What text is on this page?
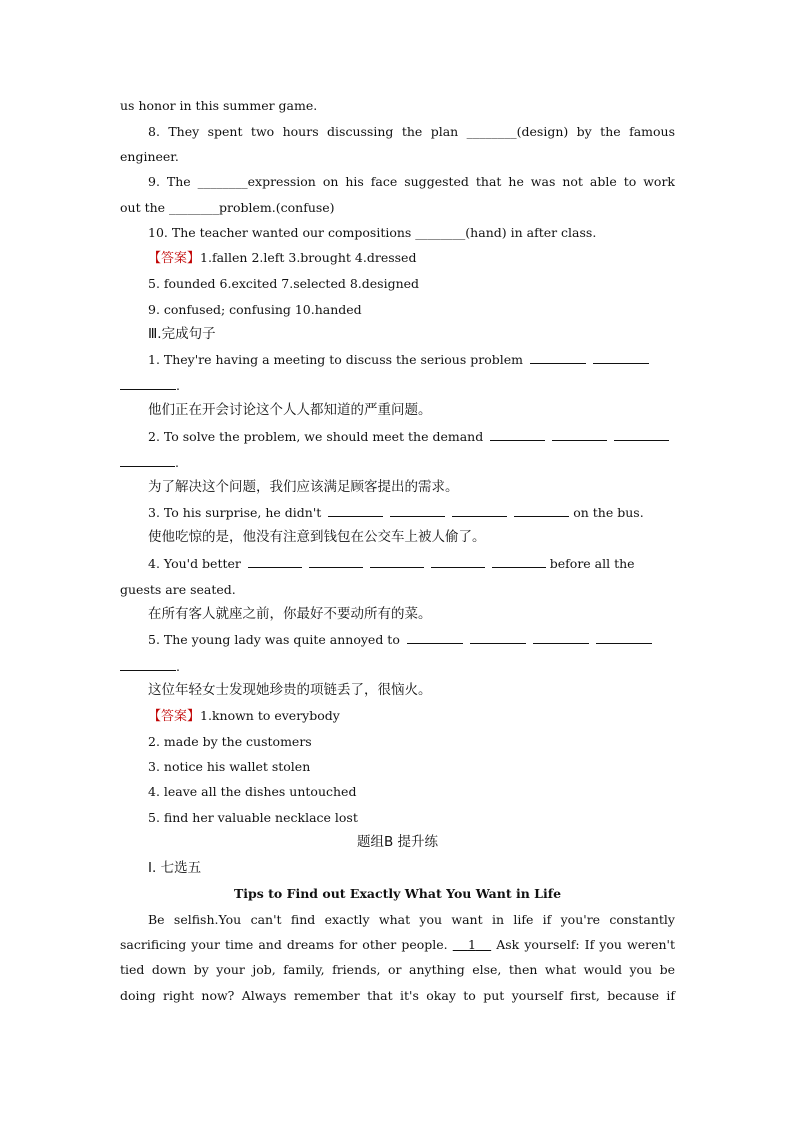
us honor in this summer game.
8. They spent two hours discussing the plan ________(design) by the famous
engineer.
9. The ________expression on his face suggested that he was not able to work
out the ________problem.(confuse)
10. The teacher wanted our compositions ________(hand) in after class.
【答案】1.fallen 2.left 3.brought 4.dressed
5. founded 6.excited 7.selected 8.designed
9. confused; confusing 10.handed
Ⅲ.完成句子
1. They're having a meeting to discuss the serious problem
.
他们正在开会讨论这个人人都知道的严重问题。
2. To solve the problem, we should meet the demand
.
为了解决这个问题，我们应该满足顾客提出的需求。
3. To his surprise, he didn't	on the bus.
使他吃惊的是，他没有注意到钱包在公交车上被人偷了。
4. You'd better	before all the
guests are seated.
在所有客人就座之前，你最好不要动所有的菜。
5. The young lady was quite annoyed to
.
这位年轻女士发现她珍贵的项链丢了，很恼火。
【答案】1.known to everybody
2. made by the customers
3. notice his wallet stolen
4. leave all the dishes untouched
5. find her valuable necklace lost
题组B 提升练
Ⅰ. 七选五
Tips to Find out Exactly What You Want in Life
Be selfish.You can't find exactly what you want in life if you're constantly
sacrificing your time and dreams for other people. 1 Ask yourself: If you weren't
tied down by your job, family, friends, or anything else, then what would you be
doing right now? Always remember that it's okay to put yourself first, because if
